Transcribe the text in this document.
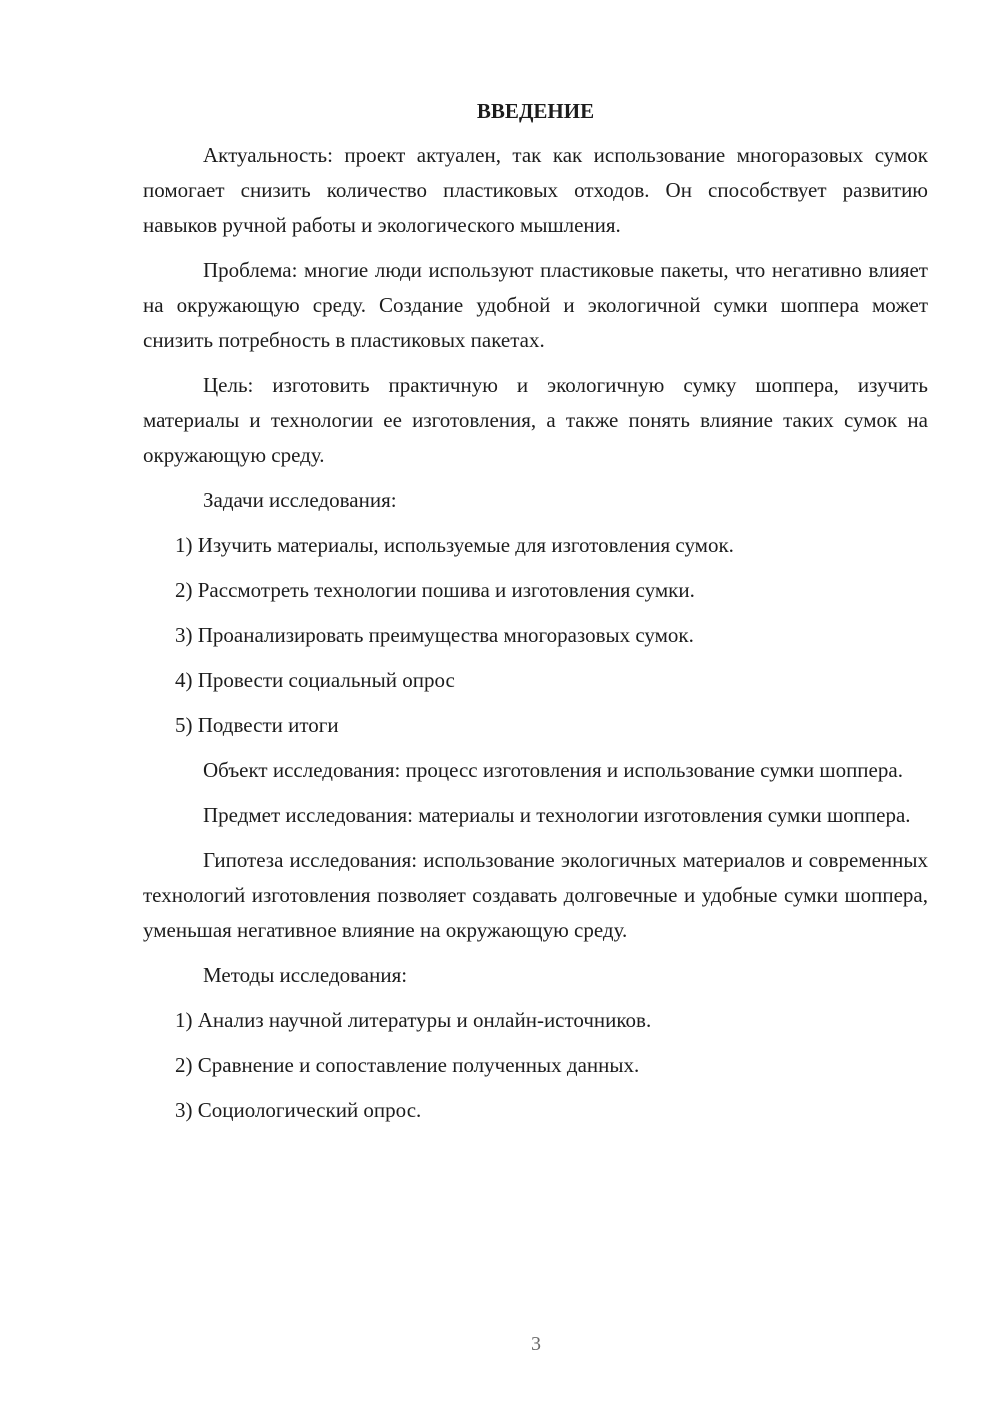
ВВЕДЕНИЕ

Актуальность: проект актуален, так как использование многоразовых сумок помогает снизить количество пластиковых отходов. Он способствует развитию навыков ручной работы и экологического мышления.

Проблема: многие люди используют пластиковые пакеты, что негативно влияет на окружающую среду. Создание удобной и экологичной сумки шоппера может снизить потребность в пластиковых пакетах.

Цель: изготовить практичную и экологичную сумку шоппера, изучить материалы и технологии ее изготовления, а также понять влияние таких сумок на окружающую среду.

Задачи исследования:

1) Изучить материалы, используемые для изготовления сумок.
2) Рассмотреть технологии пошива и изготовления сумки.
3) Проанализировать преимущества многоразовых сумок.
4) Провести социальный опрос
5) Подвести итоги

Объект исследования: процесс изготовления и использование сумки шоппера.

Предмет исследования: материалы и технологии изготовления сумки шоппера.

Гипотеза исследования: использование экологичных материалов и современных технологий изготовления позволяет создавать долговечные и удобные сумки шоппера, уменьшая негативное влияние на окружающую среду.

Методы исследования:

1) Анализ научной литературы и онлайн-источников.
2) Сравнение и сопоставление полученных данных.
3) Социологический опрос.
3
